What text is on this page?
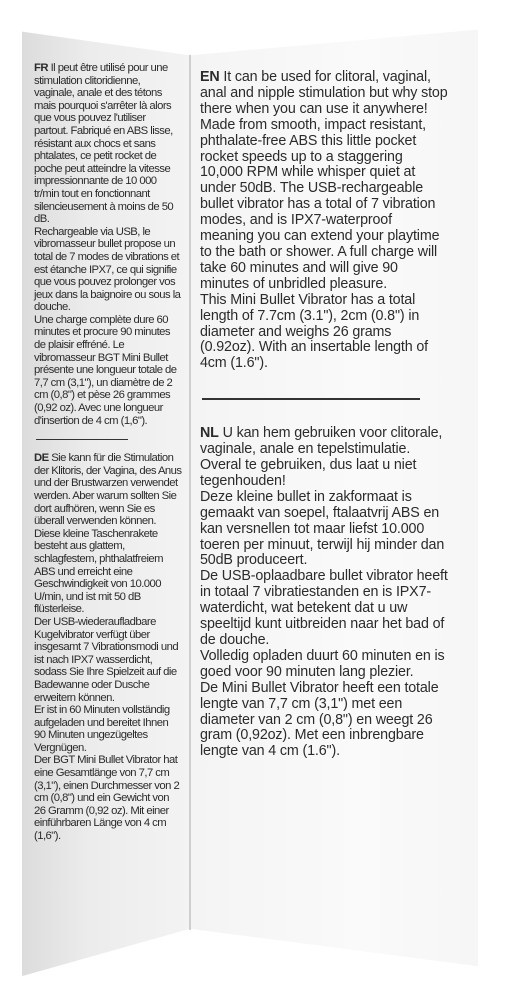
FR Il peut être utilisé pour une stimulation clitoridienne, vaginale, anale et des tétons mais pourquoi s'arrêter là alors que vous pouvez l'utiliser partout. Fabriqué en ABS lisse, résistant aux chocs et sans phtalates, ce petit rocket de poche peut atteindre la vitesse impressionnante de 10 000 tr/min tout en fonctionnant silencieusement à moins de 50 dB.

Rechargeable via USB, le vibromasseur bullet propose un total de 7 modes de vibrations et est étanche IPX7, ce qui signifie que vous pouvez prolonger vos jeux dans la baignoire ou sous la douche.

Une charge complète dure 60 minutes et procure 90 minutes de plaisir effréné. Le vibromasseur BGT Mini Bullet présente une longueur totale de 7,7 cm (3,1"), un diamètre de 2 cm (0,8") et pèse 26 grammes (0,92 oz). Avec une longueur d'insertion de 4 cm (1,6").

DE Sie kann für die Stimulation der Klitoris, der Vagina, des Anus und der Brustwarzen verwendet werden. Aber warum sollten Sie dort aufhören, wenn Sie es überall verwenden können.

Diese kleine Taschenrakete besteht aus glattem, schlagfestem, phthalatfreiem ABS und erreicht eine Geschwindigkeit von 10.000 U/min, und ist mit 50 dB flüsterleise.

Der USB-wiederaufladbare Kugelvibrator verfügt über insgesamt 7 Vibrationsmodi und ist nach IPX7 wasserdicht, sodass Sie Ihre Spielzeit auf die Badewanne oder Dusche erweitern können.

Er ist in 60 Minuten vollständig aufgeladen und bereitet Ihnen 90 Minuten ungezügeltes Vergnügen.

Der BGT Mini Bullet Vibrator hat eine Gesamtlänge von 7,7 cm (3,1"), einen Durchmesser von 2 cm (0,8") und ein Gewicht von 26 Gramm (0,92 oz). Mit einer einführbaren Länge von 4 cm (1,6").

EN It can be used for clitoral, vaginal, anal and nipple stimulation but why stop there when you can use it anywhere!

Made from smooth, impact resistant, phthalate-free ABS this little pocket rocket speeds up to a staggering 10,000 RPM while whisper quiet at under 50dB. The USB-rechargeable bullet vibrator has a total of 7 vibration modes, and is IPX7-waterproof meaning you can extend your playtime to the bath or shower. A full charge will take 60 minutes and will give 90 minutes of unbridled pleasure.

This Mini Bullet Vibrator has a total length of 7.7cm (3.1"), 2cm (0.8") in diameter and weighs 26 grams (0.92oz). With an insertable length of 4cm (1.6").

NL U kan hem gebruiken voor clitorale, vaginale, anale en tepelstimulatie. Overal te gebruiken, dus laat u niet tegenhouden!

Deze kleine bullet in zakformaat is gemaakt van soepel, ftalaatvrij ABS en kan versnellen tot maar liefst 10.000 toeren per minuut, terwijl hij minder dan 50dB produceert.

De USB-oplaadbare bullet vibrator heeft in totaal 7 vibratiestanden en is IPX7-waterdicht, wat betekent dat u uw speeltijd kunt uitbreiden naar het bad of de douche.

Volledig opladen duurt 60 minuten en is goed voor 90 minuten lang plezier.

De Mini Bullet Vibrator heeft een totale lengte van 7,7 cm (3,1") met een diameter van 2 cm (0,8") en weegt 26 gram (0,92oz). Met een inbrengbare lengte van 4 cm (1.6").
